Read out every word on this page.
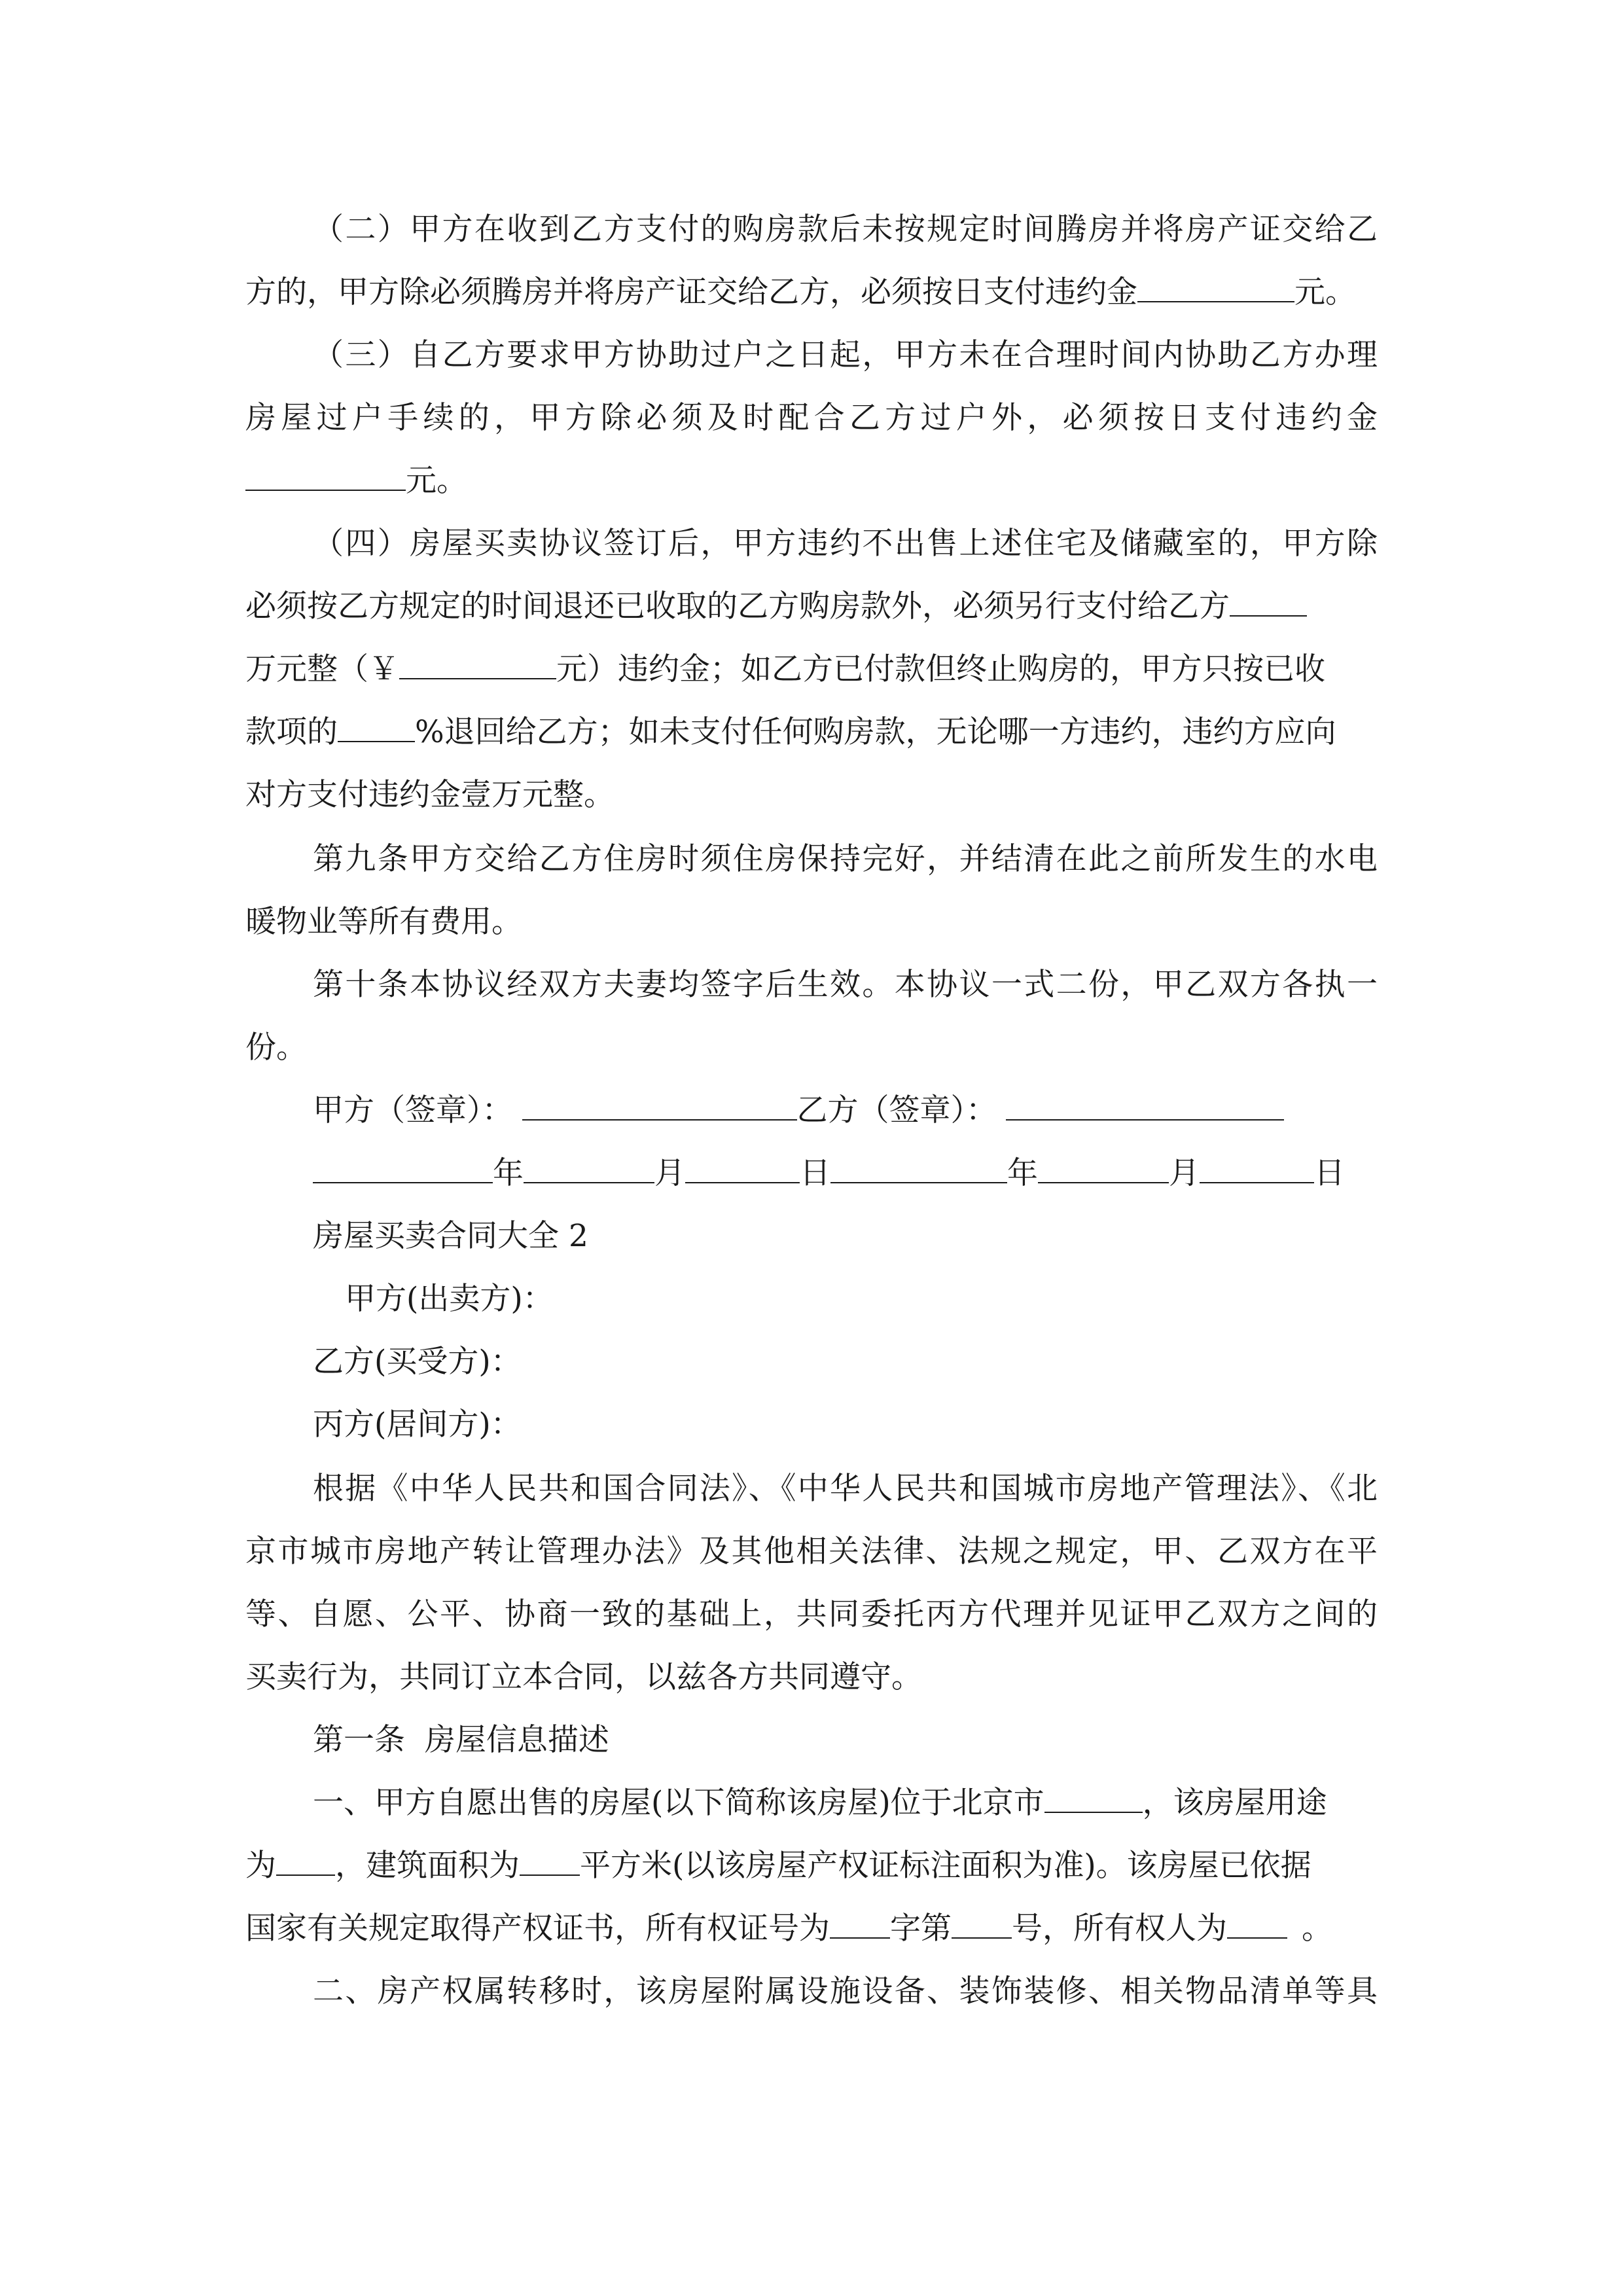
（二）甲方在收到乙方支付的购房款后未按规定时间腾房并将房产证交给乙
方的，甲方除必须腾房并将房产证交给乙方，必须按日支付违约金	元。
（三）自乙方要求甲方协助过户之日起，甲方未在合理时间内协助乙方办理
房屋过户手续的，甲方除必须及时配合乙方过户外，必须按日支付违约金
元。
（四）房屋买卖协议签订后，甲方违约不出售上述住宅及储藏室的，甲方除
必须按乙方规定的时间退还已收取的乙方购房款外，必须另行支付给乙方
万元整（￥	元）违约金；如乙方已付款但终止购房的，甲方只按已收
款项的	%退回给乙方；如未支付任何购房款，无论哪一方违约，违约方应向
对方支付违约金壹万元整。
第九条甲方交给乙方住房时须住房保持完好，并结清在此之前所发生的水电
暖物业等所有费用。
第十条本协议经双方夫妻均签字后生效。本协议一式二份，甲乙双方各执一
份。
甲方（签章）：	乙方（签章）：
年	月	日	年	月	日
房屋买卖合同大全 2
甲方(出卖方)：
乙方(买受方)：
丙方(居间方)：
根据《中华人民共和国合同法》、《中华人民共和国城市房地产管理法》、《北
京市城市房地产转让管理办法》及其他相关法律、法规之规定，甲、乙双方在平
等、自愿、公平、协商一致的基础上，共同委托丙方代理并见证甲乙双方之间的
买卖行为，共同订立本合同，以兹各方共同遵守。
第一条  房屋信息描述
一、甲方自愿出售的房屋(以下简称该房屋)位于北京市	，该房屋用途
为 ，建筑面积为 平方米(以该房屋产权证标注面积为准)。该房屋已依据
国家有关规定取得产权证书，所有权证号为 字第 号，所有权人为 。
二、房产权属转移时，该房屋附属设施设备、装饰装修、相关物品清单等具
